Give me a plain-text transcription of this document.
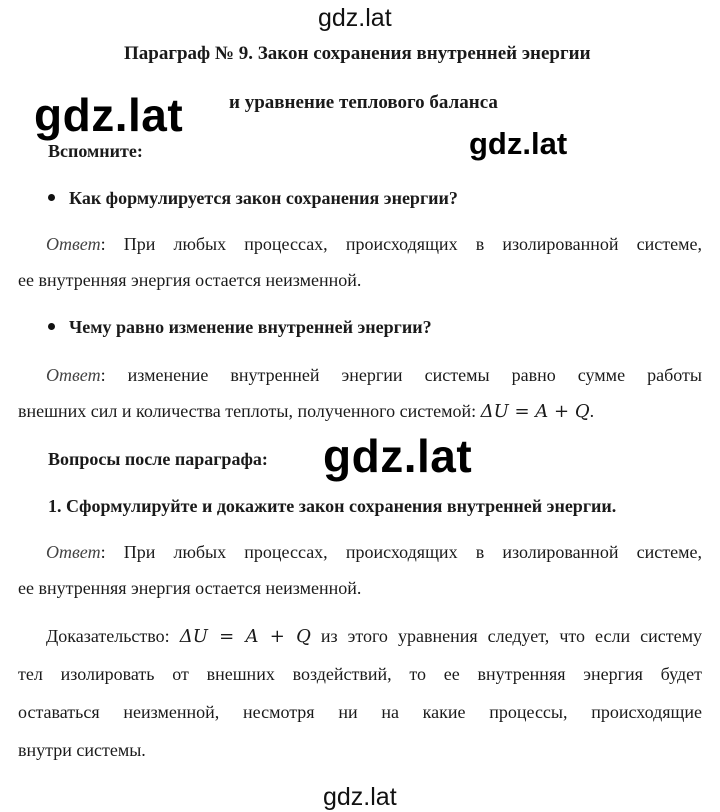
gdz.lat
gdz.lat
gdz.lat
gdz.lat
gdz.lat
Параграф № 9. Закон сохранения внутренней энергии
и уравнение теплового баланса
Вспомните:
Как формулируется закон сохранения энергии?
Ответ: При любых процессах, происходящих в изолированной системе,
ее внутренняя энергия остается неизменной.
Чему равно изменение внутренней энергии?
Ответ: изменение внутренней энергии системы равно сумме работы
внешних сил и количества теплоты, полученного системой: ΔU = A + Q.
Вопросы после параграфа:
1. Сформулируйте и докажите закон сохранения внутренней энергии.
Ответ: При любых процессах, происходящих в изолированной системе,
ее внутренняя энергия остается неизменной.
Доказательство: ΔU = A + Q из этого уравнения следует, что если систему
тел изолировать от внешних воздействий, то ее внутренняя энергия будет
оставаться неизменной, несмотря ни на какие процессы, происходящие
внутри системы.
